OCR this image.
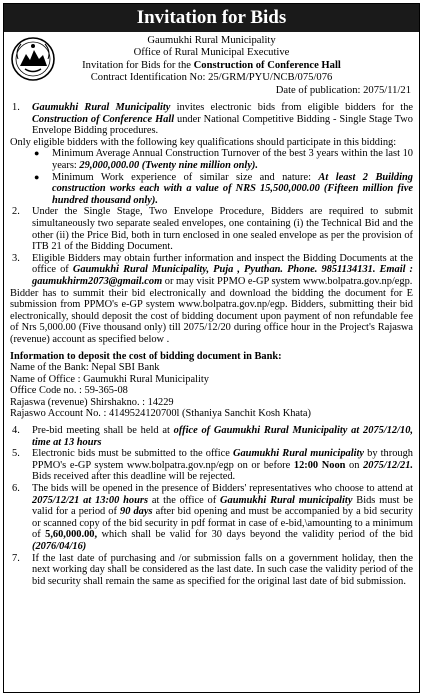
Invitation for Bids
Gaumukhi Rural Municipality
Office of Rural Municipal Executive
Invitation for Bids for the Construction of Conference Hall
Contract Identification No: 25/GRM/PYU/NCB/075/076
Date of publication: 2075/11/21
1. Gaumukhi Rural Municipality invites electronic bids from eligible bidders for the Construction of Conference Hall under National Competitive Bidding - Single Stage Two Envelope Bidding procedures.

Only eligible bidders with the following key qualifications should participate in this bidding:

● Minimum Average Annual Construction Turnover of the best 3 years within the last 10 years: 29,000,000.00 (Twenty nine million only).
● Minimum Work experience of similar size and nature: At least 2 Building construction works each with a value of NRS 15,500,000.00 (Fifteen million five hundred thousand only).
2. Under the Single Stage, Two Envelope Procedure, Bidders are required to submit simultaneously two separate sealed envelopes, one containing (i) the Technical Bid and the other (ii) the Price Bid, both in turn enclosed in one sealed envelope as per the provision of ITB 21 of the Bidding Document.
3. Eligible Bidders may obtain further information and inspect the Bidding Documents at the office of Gaumukhi Rural Municipality, Puja , Pyuthan. Phone. 9851134131. Email : gaumukhirm2073@gmail.com or may visit PPMO e-GP system www.bolpatra.gov.np/egp.

Bidder has to summit their bid electronically and download the bidding the document for E submission from PPMO's e-GP system www.bolpatra.gov.np/egp. Bidders, submitting their bid electronically, should deposit the cost of bidding document upon payment of non refundable fee of Nrs 5,000.00 (Five thousand only) till 2075/12/20 during office hour in the Project's Rajaswa (revenue) account as specified below .

Information to deposit the cost of bidding document in Bank:

Name of the Bank: Nepal SBI Bank

Name of Office : Gaumukhi Rural Municipality

Office Code no. : 59-365-08

Rajaswa (revenue) Shirshakno. : 14229

Rajaswo Account No. : 4149524120700l (Sthaniya Sanchit Kosh Khata)

4. Pre-bid meeting shall be held at office of Gaumukhi Rural Municipality at 2075/12/10, time at 13 hours
5. Electronic bids must be submitted to the office Gaumukhi Rural municipality by through PPMO's e-GP system www.bolpatra.gov.np/egp on or before 12:00 Noon on 2075/12/21. Bids received after this deadline will be rejected.
6. The bids will be opened in the presence of Bidders' representatives who choose to attend at 2075/12/21 at 13:00 hours at the office of Gaumukhi Rural municipality Bids must be valid for a period of 90 days after bid opening and must be accompanied by a bid security or scanned copy of the bid security in pdf format in case of e-bid,\amounting to a minimum of 5,60,000.00, which shall be valid for 30 days beyond the validity period of the bid (2076/04/16)
7. If the last date of purchasing and /or submission falls on a government holiday, then the next working day shall be considered as the last date. In such case the validity period of the bid security shall remain the same as specified for the original last date of bid submission.
